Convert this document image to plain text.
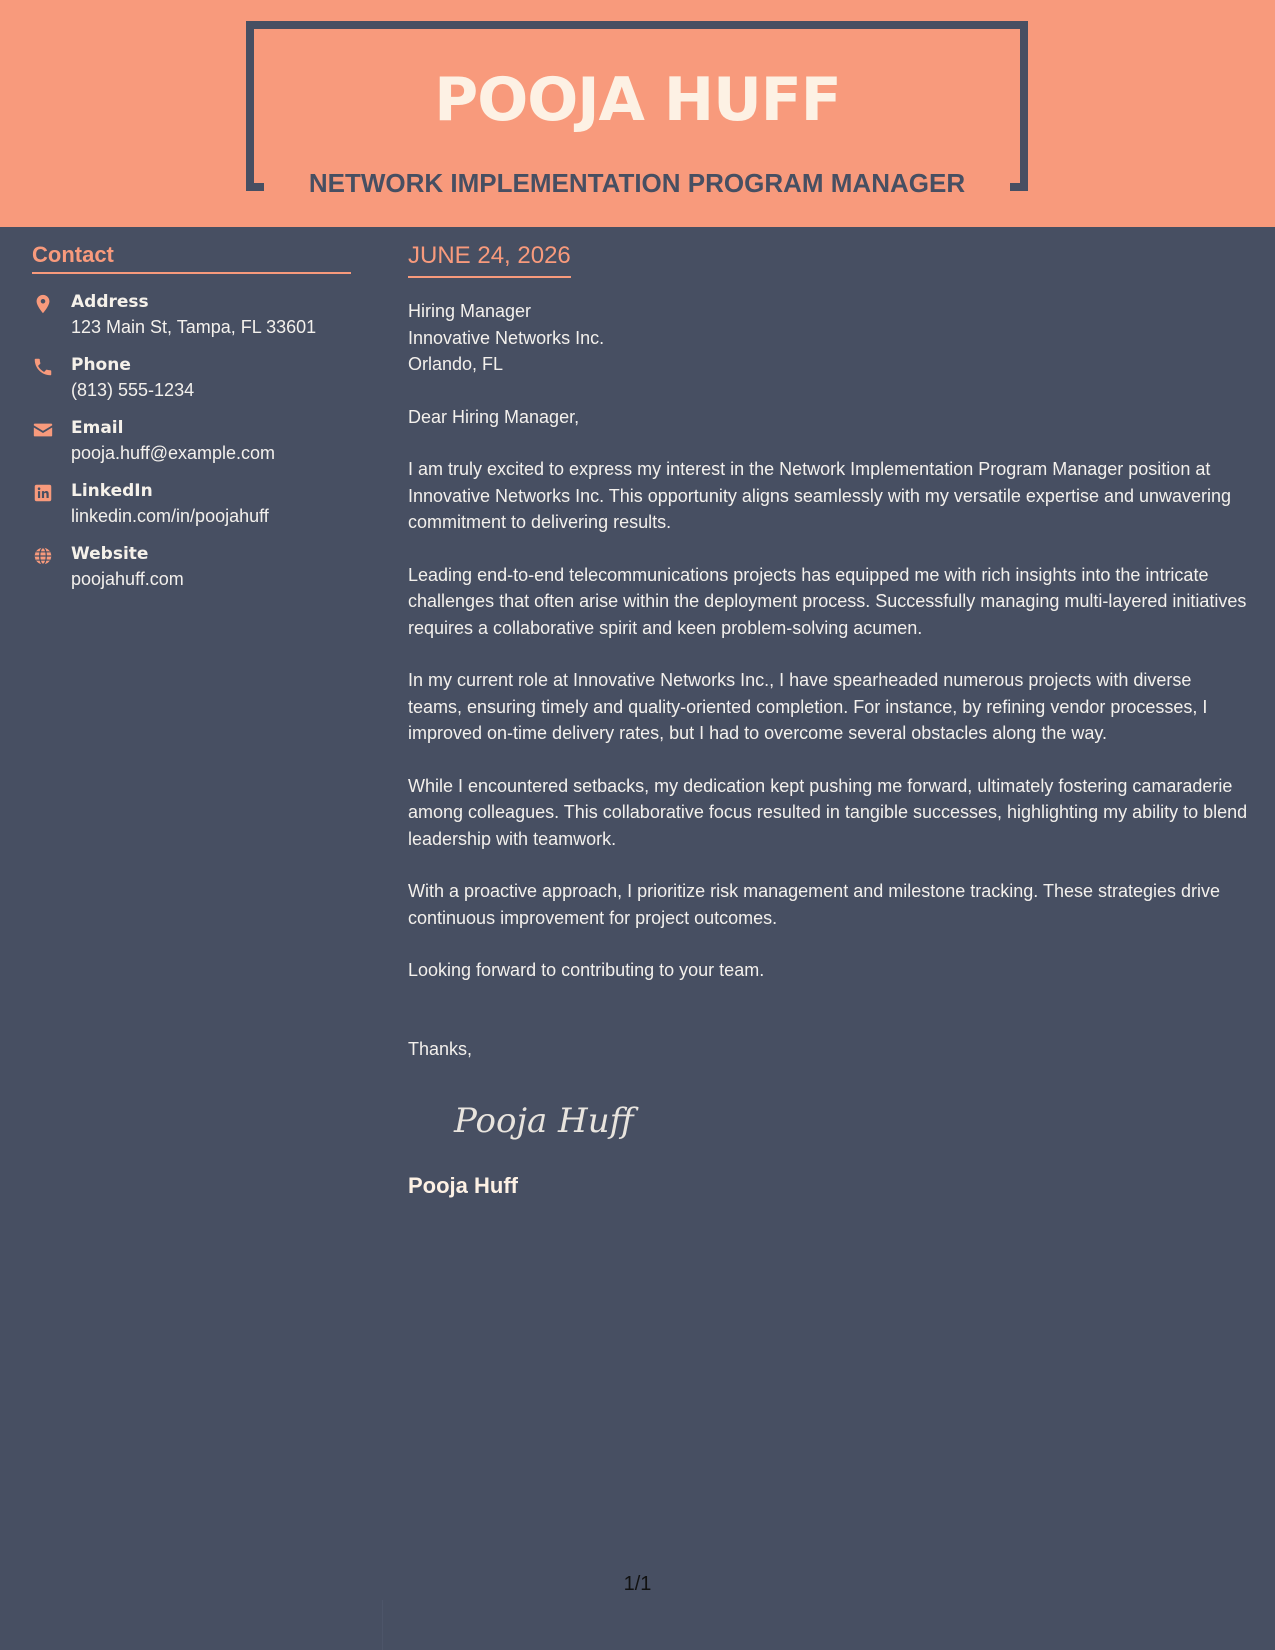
POOJA HUFF
NETWORK IMPLEMENTATION PROGRAM MANAGER
Contact
Address
123 Main St, Tampa, FL 33601
Phone
(813) 555-1234
Email
pooja.huff@example.com
LinkedIn
linkedin.com/in/poojahuff
Website
poojahuff.com
JUNE 24, 2026
Hiring Manager
Innovative Networks Inc.
Orlando, FL

Dear Hiring Manager,

I am truly excited to express my interest in the Network Implementation Program Manager position at Innovative Networks Inc. This opportunity aligns seamlessly with my versatile expertise and unwavering commitment to delivering results.

Leading end-to-end telecommunications projects has equipped me with rich insights into the intricate challenges that often arise within the deployment process. Successfully managing multi-layered initiatives requires a collaborative spirit and keen problem-solving acumen.

In my current role at Innovative Networks Inc., I have spearheaded numerous projects with diverse teams, ensuring timely and quality-oriented completion. For instance, by refining vendor processes, I improved on-time delivery rates, but I had to overcome several obstacles along the way.

While I encountered setbacks, my dedication kept pushing me forward, ultimately fostering camaraderie among colleagues. This collaborative focus resulted in tangible successes, highlighting my ability to blend leadership with teamwork.

With a proactive approach, I prioritize risk management and milestone tracking. These strategies drive continuous improvement for project outcomes.

Looking forward to contributing to your team.

Thanks,
Pooja Huff
Pooja Huff
1/1
